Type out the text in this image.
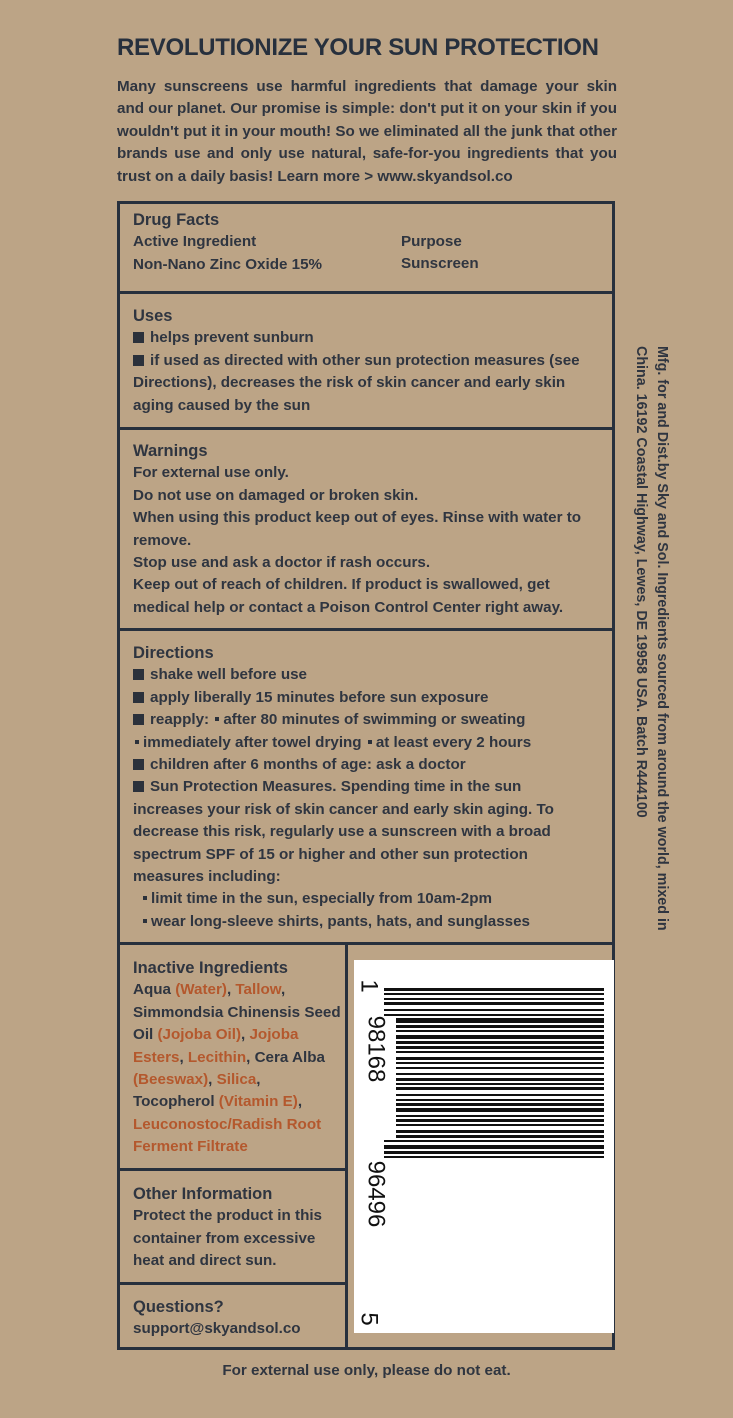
REVOLUTIONIZE YOUR SUN PROTECTION
Many sunscreens use harmful ingredients that damage your skin and our planet. Our promise is simple: don't put it on your skin if you wouldn't put it in your mouth! So we eliminated all the junk that other brands use and only use natural, safe-for-you ingredients that you trust on a daily basis! Learn more > www.skyandsol.co
Drug Facts
Active Ingredient
Non-Nano Zinc Oxide 15%
Purpose
Sunscreen
Uses
helps prevent sunburn
if used as directed with other sun protection measures (see Directions), decreases the risk of skin cancer and early skin aging caused by the sun
Warnings
For external use only.
Do not use on damaged or broken skin.
When using this product keep out of eyes. Rinse with water to remove.
Stop use and ask a doctor if rash occurs.
Keep out of reach of children. If product is swallowed, get medical help or contact a Poison Control Center right away.
Directions
shake well before use
apply liberally 15 minutes before sun exposure
reapply: after 80 minutes of swimming or sweating
immediately after towel drying at least every 2 hours
children after 6 months of age: ask a doctor
Sun Protection Measures. Spending time in the sun increases your risk of skin cancer and early skin aging. To decrease this risk, regularly use a sunscreen with a broad spectrum SPF of 15 or higher and other sun protection measures including:
limit time in the sun, especially from 10am-2pm
wear long-sleeve shirts, pants, hats, and sunglasses
Inactive Ingredients
Aqua (Water), Tallow, Simmondsia Chinensis Seed Oil (Jojoba Oil), Jojoba Esters, Lecithin, Cera Alba (Beeswax), Silica, Tocopherol (Vitamin E), Leuconostoc/Radish Root Ferment Filtrate
Other Information
Protect the product in this container from excessive heat and direct sun.
Questions?
support@skyandsol.co
1
98168
96496
5
Mfg. for and Dist.by Sky and Sol. Ingredients sourced from around the world, mixed in China. 16192 Coastal Highway, Lewes, DE 19958 USA. Batch R444100
For external use only, please do not eat.
